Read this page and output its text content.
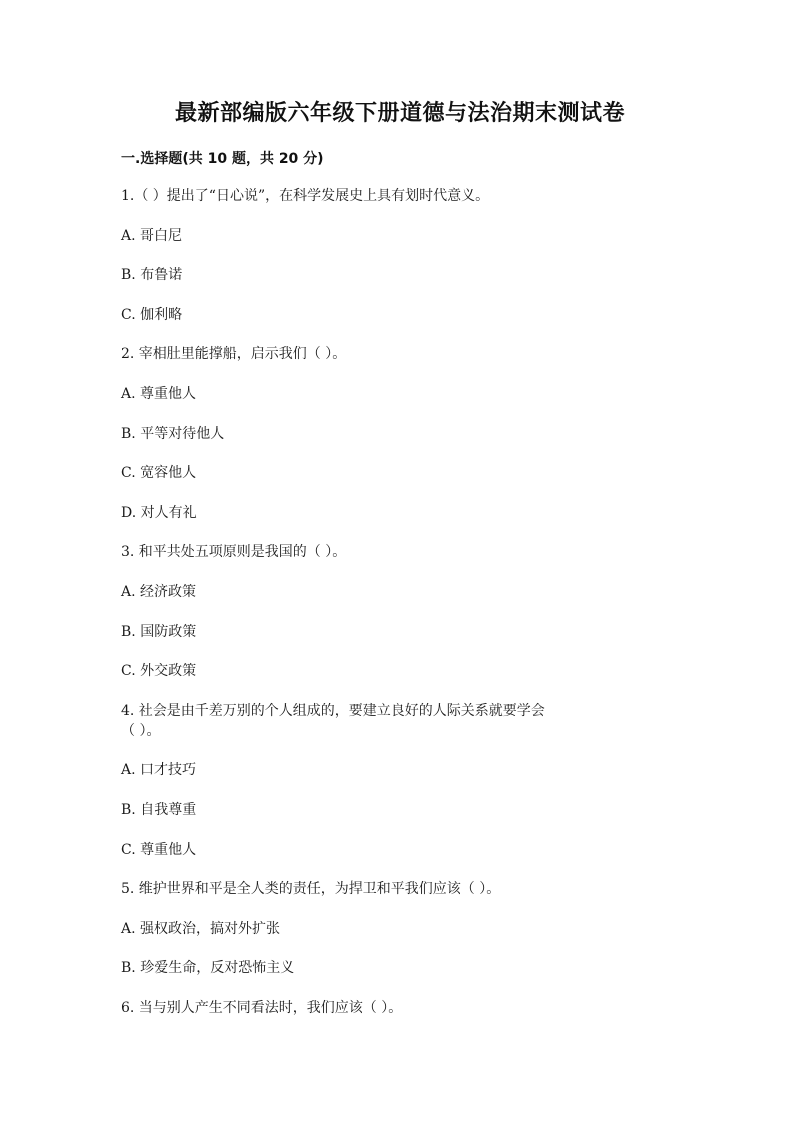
最新部编版六年级下册道德与法治期末测试卷
一.选择题(共 10 题，共 20 分)
1.（ ）提出了“日心说”，在科学发展史上具有划时代意义。
A. 哥白尼
B. 布鲁诺
C. 伽利略
2. 宰相肚里能撑船，启示我们（ ）。
A. 尊重他人
B. 平等对待他人
C. 宽容他人
D. 对人有礼
3. 和平共处五项原则是我国的（ ）。
A. 经济政策
B. 国防政策
C. 外交政策
4. 社会是由千差万别的个人组成的，要建立良好的人际关系就要学会
（ ）。
A. 口才技巧
B. 自我尊重
C. 尊重他人
5. 维护世界和平是全人类的责任，为捍卫和平我们应该（ ）。
A. 强权政治，搞对外扩张
B. 珍爱生命，反对恐怖主义
6. 当与别人产生不同看法时，我们应该（ ）。
